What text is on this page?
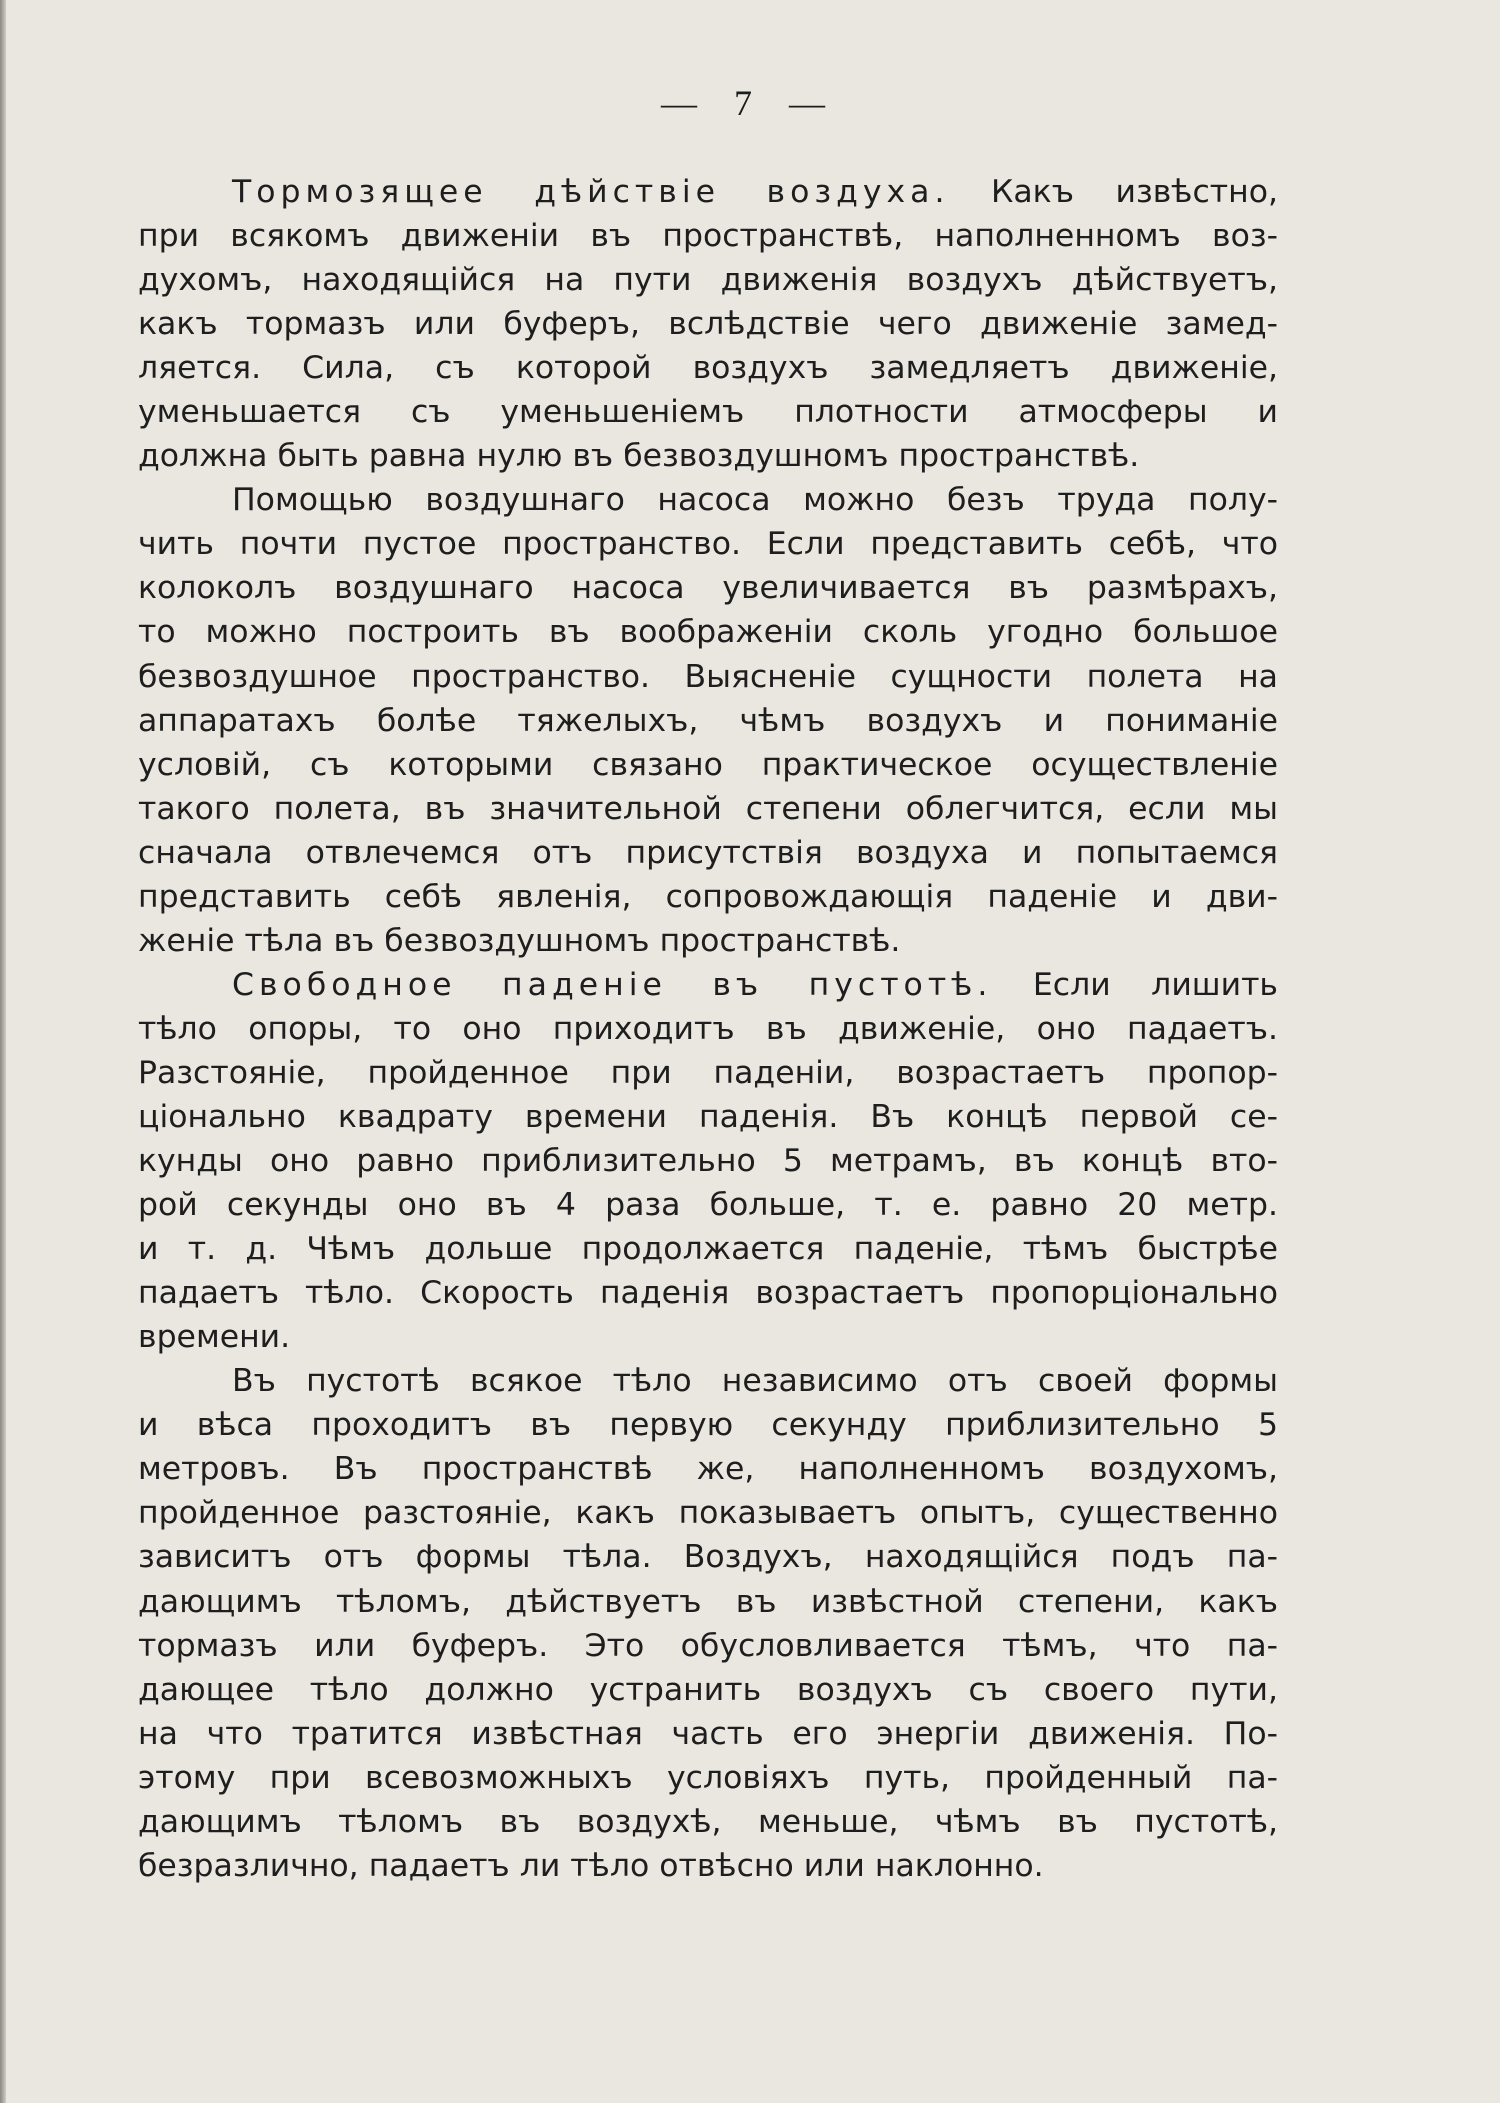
— 7 —
Тормозящее дѣйствiе воздуха. Какъ извѣстно,
при всякомъ движенiи въ пространствѣ, наполненномъ воз-
духомъ, находящiйся на пути движенiя воздухъ дѣйствуетъ,
какъ тормазъ или буферъ, вслѣдствiе чего движенiе замед-
ляется. Сила, съ которой воздухъ замедляетъ движенiе,
уменьшается съ уменьшенiемъ плотности атмосферы и
должна быть равна нулю въ безвоздушномъ пространствѣ.
Помощью воздушнаго насоса можно безъ труда полу-
чить почти пустое пространство. Если представить себѣ, что
колоколъ воздушнаго насоса увеличивается въ размѣрахъ,
то можно построить въ воображенiи сколь угодно большое
безвоздушное пространство. Выясненiе сущности полета на
аппаратахъ болѣе тяжелыхъ, чѣмъ воздухъ и пониманiе
условiй, съ которыми связано практическое осуществленiе
такого полета, въ значительной степени облегчится, если мы
сначала отвлечемся отъ присутствiя воздуха и попытаемся
представить себѣ явленiя, сопровождающiя паденiе и дви-
женiе тѣла въ безвоздушномъ пространствѣ.
Свободное паденiе въ пустотѣ. Если лишить
тѣло опоры, то оно приходитъ въ движенiе, оно падаетъ.
Разстоянiе, пройденное при паденiи, возрастаетъ пропор-
цiонально квадрату времени паденiя. Въ концѣ первой се-
кунды оно равно приблизительно 5 метрамъ, въ концѣ вто-
рой секунды оно въ 4 раза больше, т. е. равно 20 метр.
и т. д. Чѣмъ дольше продолжается паденiе, тѣмъ быстрѣе
падаетъ тѣло. Скорость паденiя возрастаетъ пропорцiонально
времени.
Въ пустотѣ всякое тѣло независимо отъ своей формы
и вѣса проходитъ въ первую секунду приблизительно 5
метровъ. Въ пространствѣ же, наполненномъ воздухомъ,
пройденное разстоянiе, какъ показываетъ опытъ, существенно
зависитъ отъ формы тѣла. Воздухъ, находящiйся подъ па-
дающимъ тѣломъ, дѣйствуетъ въ извѣстной степени, какъ
тормазъ или буферъ. Это обусловливается тѣмъ, что па-
дающее тѣло должно устранить воздухъ съ своего пути,
на что тратится извѣстная часть его энергiи движенiя. По-
этому при всевозможныхъ условiяхъ путь, пройденный па-
дающимъ тѣломъ въ воздухѣ, меньше, чѣмъ въ пустотѣ,
безразлично, падаетъ ли тѣло отвѣсно или наклонно.
